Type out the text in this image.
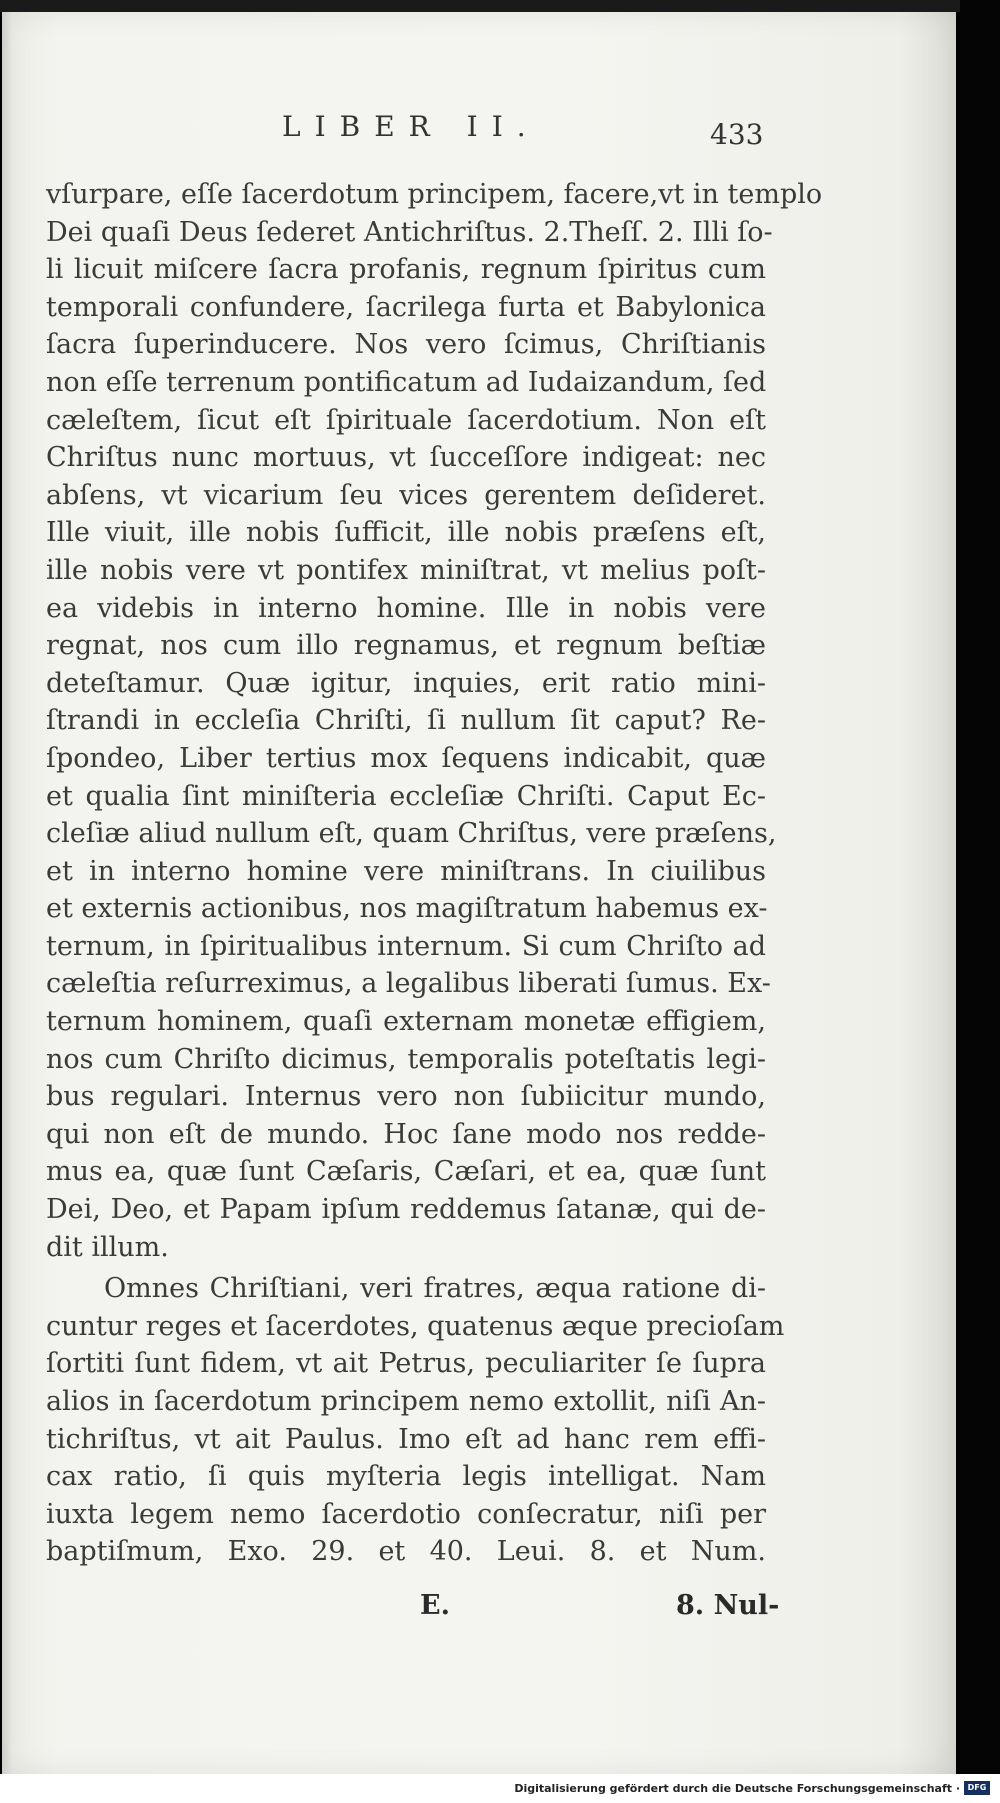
LIBER II.	433
vſurpare, eſſe ſacerdotum principem, facere,vt in templo
Dei quaſi Deus ſederet Antichriſtus. 2.Theſſ. 2. Illi ſo-
li licuit miſcere ſacra profanis, regnum ſpiritus cum
temporali confundere, ſacrilega furta et Babylonica
ſacra ſuperinducere. Nos vero ſcimus, Chriſtianis
non eſſe terrenum pontificatum ad Iudaizandum, ſed
cæleſtem, ſicut eſt ſpirituale ſacerdotium. Non eſt
Chriſtus nunc mortuus, vt ſucceſſore indigeat: nec
abſens, vt vicarium ſeu vices gerentem deſideret.
Ille viuit, ille nobis ſufficit, ille nobis præſens eſt,
ille nobis vere vt pontifex miniſtrat, vt melius poſt-
ea videbis in interno homine. Ille in nobis vere
regnat, nos cum illo regnamus, et regnum beſtiæ
deteſtamur. Quæ igitur, inquies, erit ratio mini-
ſtrandi in eccleſia Chriſti, ſi nullum ſit caput? Re-
ſpondeo, Liber tertius mox ſequens indicabit, quæ
et qualia ſint miniſteria eccleſiæ Chriſti. Caput Ec-
cleſiæ aliud nullum eſt, quam Chriſtus, vere præſens,
et in interno homine vere miniſtrans. In ciuilibus
et externis actionibus, nos magiſtratum habemus ex-
ternum, in ſpiritualibus internum. Si cum Chriſto ad
cæleſtia reſurreximus, a legalibus liberati ſumus. Ex-
ternum hominem, quaſi externam monetæ effigiem,
nos cum Chriſto dicimus, temporalis poteſtatis legi-
bus regulari. Internus vero non ſubiicitur mundo,
qui non eſt de mundo. Hoc ſane modo nos redde-
mus ea, quæ ſunt Cæſaris, Cæſari, et ea, quæ ſunt
Dei, Deo, et Papam ipſum reddemus ſatanæ, qui de-
dit illum.
Omnes Chriſtiani, veri fratres, æqua ratione di-
cuntur reges et ſacerdotes, quatenus æque precioſam
ſortiti ſunt fidem, vt ait Petrus, peculiariter ſe ſupra
alios in ſacerdotum principem nemo extollit, niſi An-
tichriſtus, vt ait Paulus. Imo eſt ad hanc rem effi-
cax ratio, ſi quis myſteria legis intelligat. Nam
iuxta legem nemo ſacerdotio conſecratur, niſi per
baptiſmum, Exo. 29. et 40. Leui. 8. et Num.
E.	8. Nul-
Digitalisierung gefördert durch die Deutsche Forschungsgemeinschaft · DFG
